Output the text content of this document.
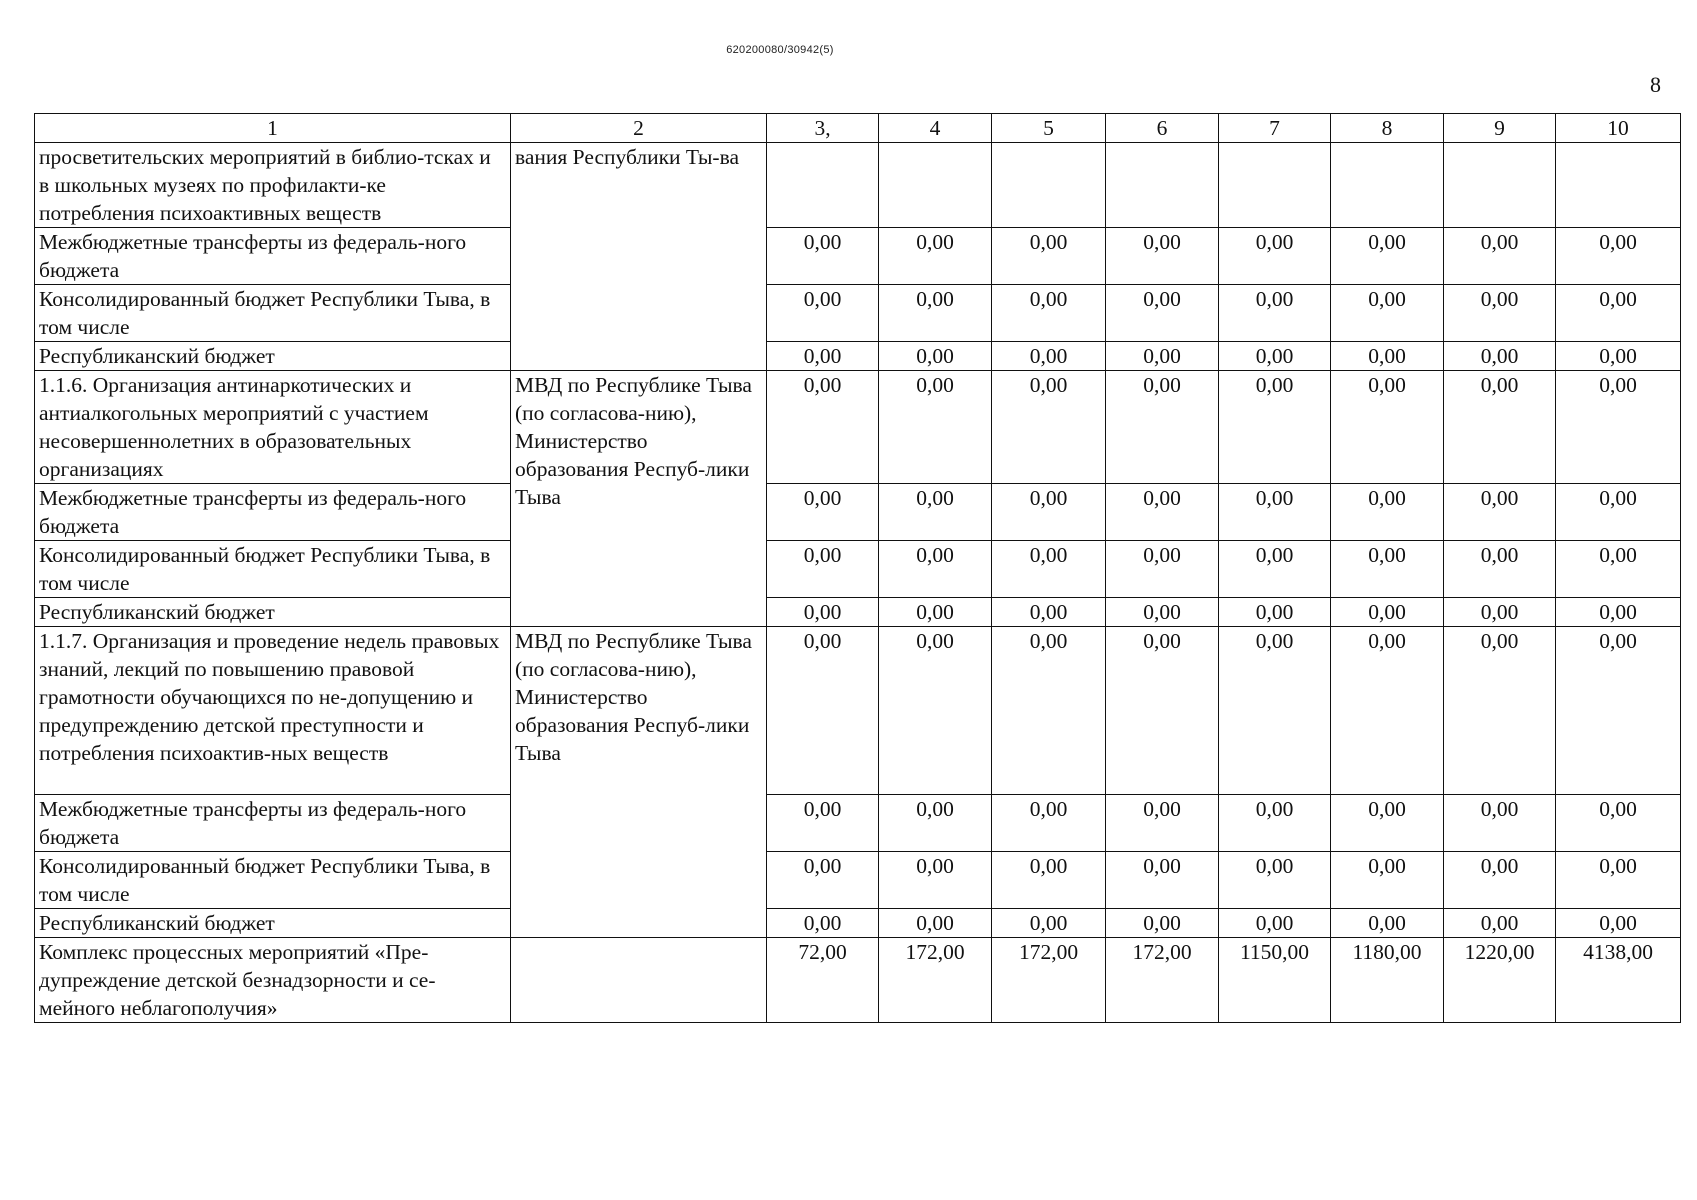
620200080/30942(5)
8
1	2	3,	4	5	6	7	8	9	10
просветительских мероприятий в библио-тсках и в школьных музеях по профилакти-ке потребления психоактивных веществ	вания Республики Ты-ва								
Межбюджетные трансферты из федераль-ного бюджета		0,00	0,00	0,00	0,00	0,00	0,00	0,00	0,00
Консолидированный бюджет Республики Тыва, в том числе		0,00	0,00	0,00	0,00	0,00	0,00	0,00	0,00
Республиканский бюджет		0,00	0,00	0,00	0,00	0,00	0,00	0,00	0,00
1.1.6. Организация антинаркотических и антиалкогольных мероприятий с участием несовершеннолетних в образовательных организациях	МВД по Республике Тыва (по согласова-нию), Министерство образования Респуб-лики Тыва	0,00	0,00	0,00	0,00	0,00	0,00	0,00	0,00
Межбюджетные трансферты из федераль-ного бюджета		0,00	0,00	0,00	0,00	0,00	0,00	0,00	0,00
Консолидированный бюджет Республики Тыва, в том числе		0,00	0,00	0,00	0,00	0,00	0,00	0,00	0,00
Республиканский бюджет		0,00	0,00	0,00	0,00	0,00	0,00	0,00	0,00
1.1.7. Организация и проведение недель правовых знаний, лекций по повышению правовой грамотности обучающихся по не-допущению и предупреждению детской преступности и потребления психоактив-ных веществ	МВД по Республике Тыва (по согласова-нию), Министерство образования Респуб-лики Тыва	0,00	0,00	0,00	0,00	0,00	0,00	0,00	0,00
Межбюджетные трансферты из федераль-ного бюджета		0,00	0,00	0,00	0,00	0,00	0,00	0,00	0,00
Консолидированный бюджет Республики Тыва, в том числе		0,00	0,00	0,00	0,00	0,00	0,00	0,00	0,00
Республиканский бюджет		0,00	0,00	0,00	0,00	0,00	0,00	0,00	0,00
Комплекс процессных мероприятий «Пре-дупреждение детской безнадзорности и се-мейного неблагополучия»		72,00	172,00	172,00	172,00	1150,00	1180,00	1220,00	4138,00
